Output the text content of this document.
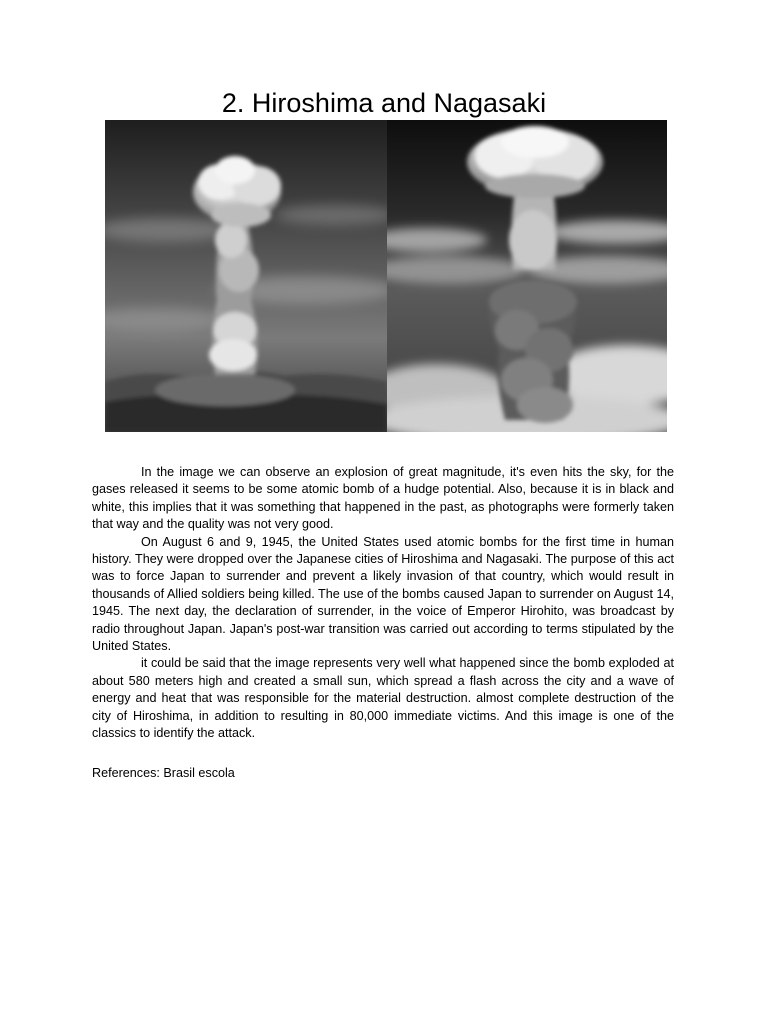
2. Hiroshima and Nagasaki

In the image we can observe an explosion of great magnitude, it's even hits the sky, for the gases released it seems to be some atomic bomb of a hudge potential. Also, because it is in black and white, this implies that it was something that happened in the past, as photographs were formerly taken that way and the quality was not very good.

On August 6 and 9, 1945, the United States used atomic bombs for the first time in human history. They were dropped over the Japanese cities of Hiroshima and Nagasaki. The purpose of this act was to force Japan to surrender and prevent a likely invasion of that country, which would result in thousands of Allied soldiers being killed. The use of the bombs caused Japan to surrender on August 14, 1945. The next day, the declaration of surrender, in the voice of Emperor Hirohito, was broadcast by radio throughout Japan. Japan's post-war transition was carried out according to terms stipulated by the United States.

it could be said that the image represents very well what happened since the bomb exploded at about 580 meters high and created a small sun, which spread a flash across the city and a wave of energy and heat that was responsible for the material destruction. almost complete destruction of the city of Hiroshima, in addition to resulting in 80,000 immediate victims. And this image is one of the classics to identify the attack.

References: Brasil escola
